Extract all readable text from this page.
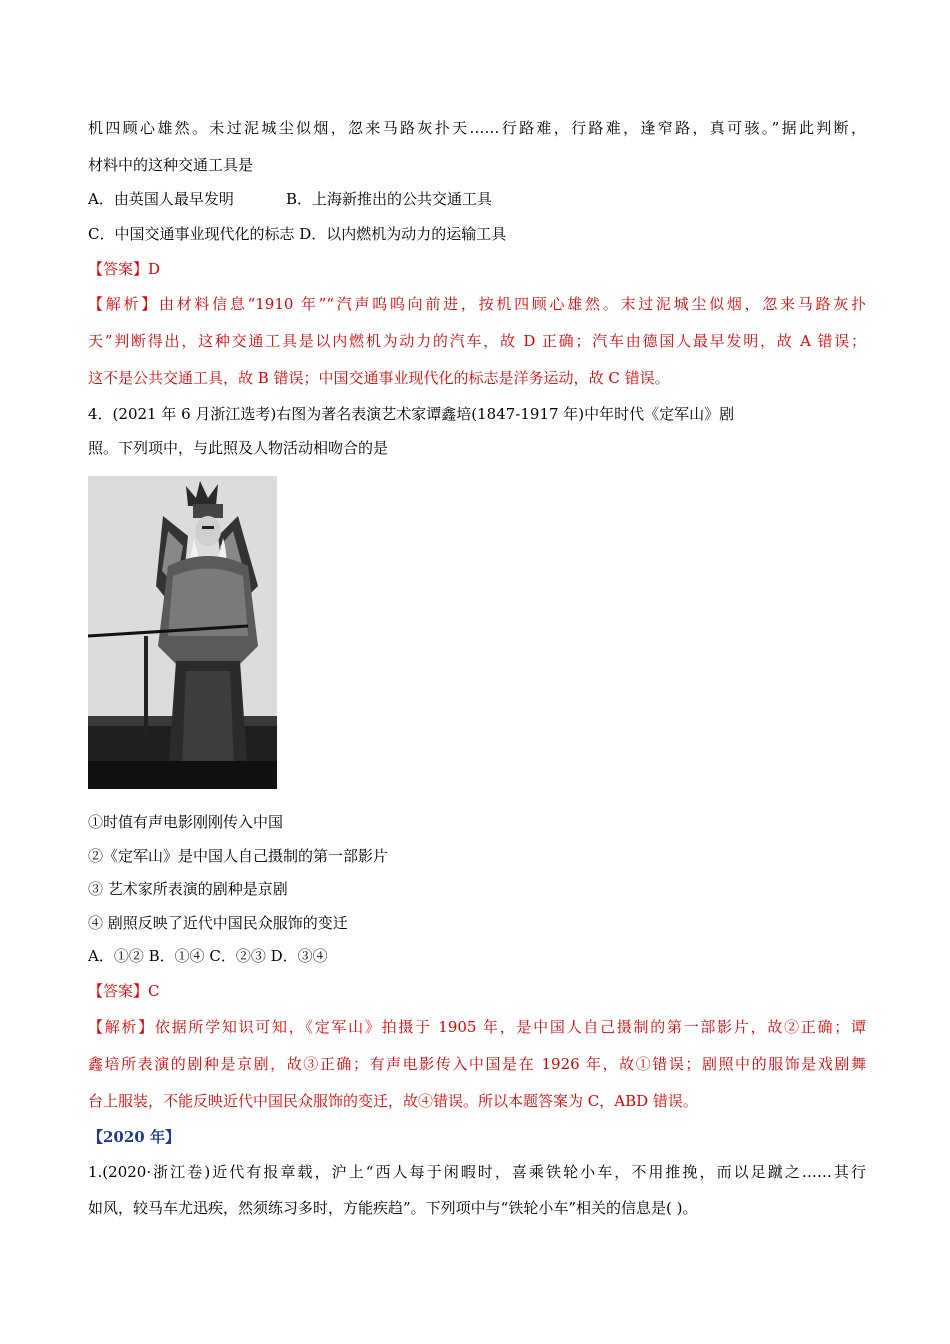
机四顾心雄然。未过泥城尘似烟，忽来马路灰扑天……行路难，行路难，逢窄路，真可骇。”据此判断，
材料中的这种交通工具是
A．由英国人最早发明	B．上海新推出的公共交通工具
C．中国交通事业现代化的标志 D．以内燃机为动力的运输工具
【答案】D
【解析】由材料信息“1910 年”“汽声呜呜向前进，按机四顾心雄然。末过泥城尘似烟，忽来马路灰扑
天”判断得出，这种交通工具是以内燃机为动力的汽车，故 D 正确；汽车由德国人最早发明，故 A 错误；
这不是公共交通工具，故 B 错误；中国交通事业现代化的标志是洋务运动，故 C 错误。
4．(2021 年 6 月浙江选考)右图为著名表演艺术家谭鑫培(1847-1917 年)中年时代《定军山》剧
照。下列项中，与此照及人物活动相吻合的是
①时值有声电影刚刚传入中国
②《定军山》是中国人自己摄制的第一部影片
③ 艺术家所表演的剧种是京剧
④ 剧照反映了近代中国民众服饰的变迁
A．①② B．①④ C．②③ D．③④
【答案】C
【解析】依据所学知识可知，《定军山》拍摄于 1905 年，是中国人自己摄制的第一部影片，故②正确；谭
鑫培所表演的剧种是京剧，故③正确；有声电影传入中国是在 1926 年，故①错误；剧照中的服饰是戏剧舞
台上服装，不能反映近代中国民众服饰的变迁，故④错误。所以本题答案为 C，ABD 错误。
【2020 年】
1.(2020·浙江卷)近代有报章载，沪上“西人每于闲暇时，喜乘铁轮小车，不用推挽，而以足蹴之……其行
如风，较马车尤迅疾，然须练习多时，方能疾趋”。下列项中与“铁轮小车”相关的信息是( )。
